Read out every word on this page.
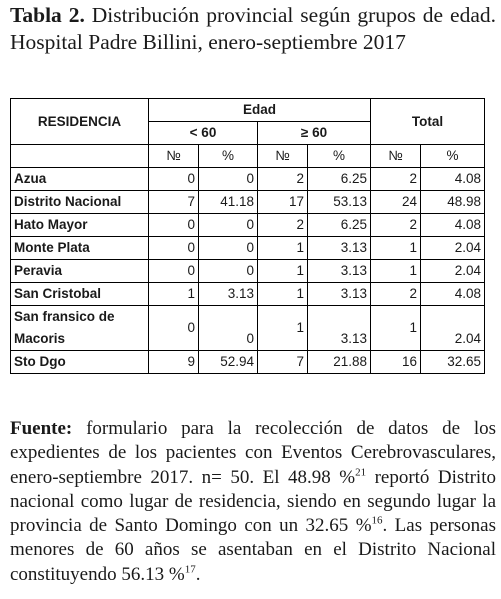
Tabla 2. Distribución provincial según grupos de edad. Hospital Padre Billini, enero-septiembre 2017
RESIDENCIA	Edad				Total	
	< 60		≥ 60			
	№	%	№	%	№	%
Azua	0	0	2	6.25	2	4.08
Distrito Nacional	7	41.18	17	53.13	24	48.98
Hato Mayor	0	0	2	6.25	2	4.08
Monte Plata	0	0	1	3.13	1	2.04
Peravia	0	0	1	3.13	1	2.04
San Cristobal	1	3.13	1	3.13	2	4.08

San fransico de
Macoris	0	0	1	3.13	1	2.04

Sto Dgo	9	52.94	7	21.88	16	32.65
Fuente: formulario para la recolección de datos de los expedientes de los pacientes con Eventos Cerebrovasculares, enero-septiembre 2017. n= 50. El 48.98 %$^{21}$ reportó Distrito nacional como lugar de residencia, siendo en segundo lugar la provincia de Santo Domingo con un 32.65 %$^{16}$. Las personas menores de 60 años se asentaban en el Distrito Nacional constituyendo 56.13 %$^{17}$.
